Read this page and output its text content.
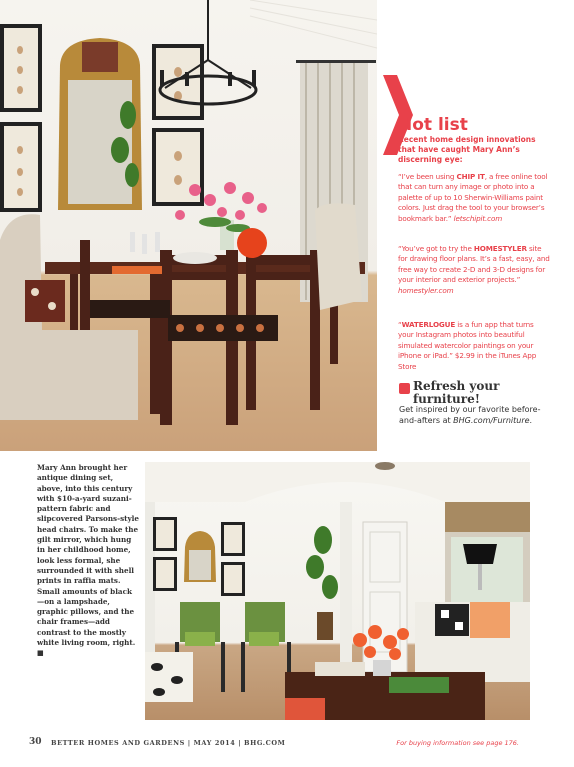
Hot list
Recent home design innovations that have caught Mary Ann’s discerning eye:
“I’ve been using CHIP IT, a free online tool that can turn any image or photo into a palette of up to 10 Sherwin-Williams paint colors. Just drag the tool to your browser’s bookmark bar.” letschipit.com
“You’ve got to try the HOMESTYLER site for drawing floor plans. It’s a fast, easy, and free way to create 2-D and 3-D designs for your interior and exterior projects.” homestyler.com
“WATERLOGUE is a fun app that turns your Instagram photos into beautiful simulated watercolor paintings on your iPhone or iPad.” $2.99 in the iTunes App Store
Refresh your furniture!
Get inspired by our favorite before-and-afters at BHG.com/Furniture.
Mary Ann brought her antique dining set, above, into this century with $10-a-yard suzani-pattern fabric and slipcovered Parsons-style head chairs. To make the gilt mirror, which hung in her childhood home, look less formal, she surrounded it with shell prints in raffia mats. Small amounts of black—on a lampshade, graphic pillows, and the chair frames—add contrast to the mostly white living room, right. ■
30 BETTER HOMES AND GARDENS | MAY 2014 | BHG.COM	For buying information see page 176.
